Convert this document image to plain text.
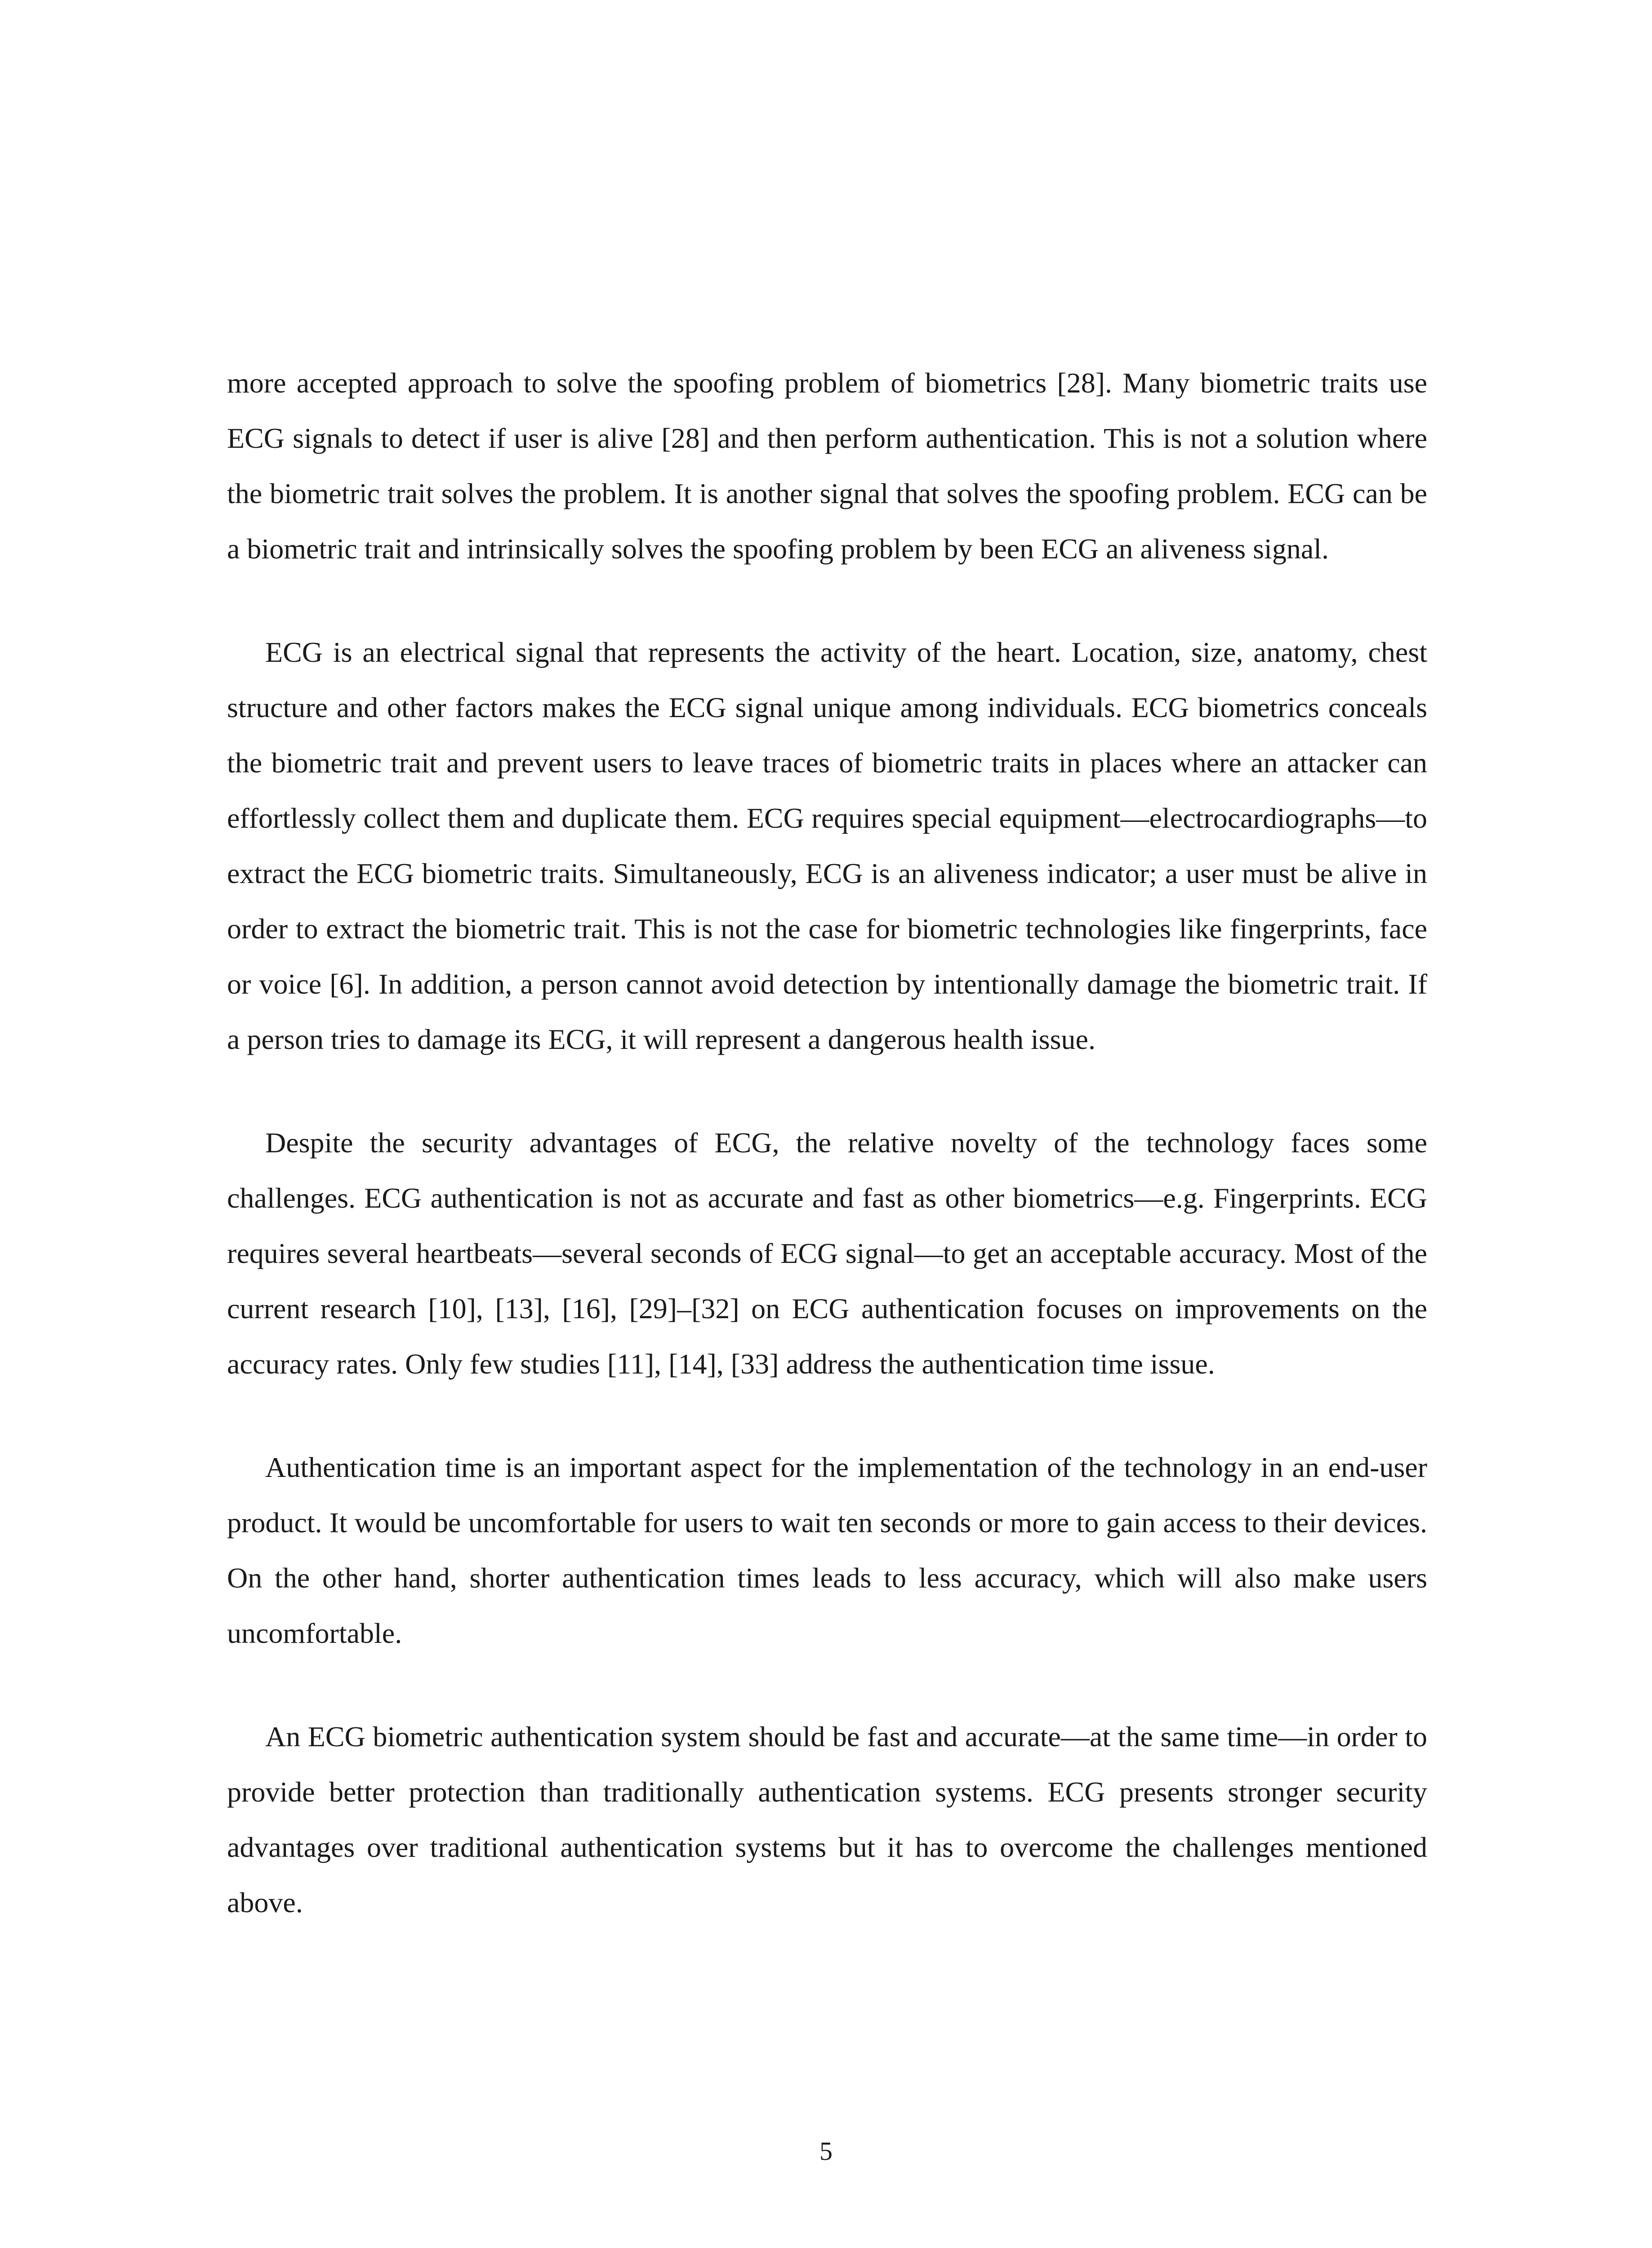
more accepted approach to solve the spoofing problem of biometrics [28]. Many biometric traits use ECG signals to detect if user is alive [28] and then perform authentication. This is not a solution where the biometric trait solves the problem. It is another signal that solves the spoofing problem. ECG can be a biometric trait and intrinsically solves the spoofing problem by been ECG an aliveness signal.

ECG is an electrical signal that represents the activity of the heart. Location, size, anatomy, chest structure and other factors makes the ECG signal unique among individuals. ECG biometrics conceals the biometric trait and prevent users to leave traces of biometric traits in places where an attacker can effortlessly collect them and duplicate them. ECG requires special equipment—electrocardiographs—to extract the ECG biometric traits. Simultaneously, ECG is an aliveness indicator; a user must be alive in order to extract the biometric trait. This is not the case for biometric technologies like fingerprints, face or voice [6]. In addition, a person cannot avoid detection by intentionally damage the biometric trait. If a person tries to damage its ECG, it will represent a dangerous health issue.

Despite the security advantages of ECG, the relative novelty of the technology faces some challenges. ECG authentication is not as accurate and fast as other biometrics—e.g. Fingerprints. ECG requires several heartbeats—several seconds of ECG signal—to get an acceptable accuracy. Most of the current research [10], [13], [16], [29]–[32] on ECG authentication focuses on improvements on the accuracy rates. Only few studies [11], [14], [33] address the authentication time issue.

Authentication time is an important aspect for the implementation of the technology in an end-user product. It would be uncomfortable for users to wait ten seconds or more to gain access to their devices. On the other hand, shorter authentication times leads to less accuracy, which will also make users uncomfortable.

An ECG biometric authentication system should be fast and accurate—at the same time—in order to provide better protection than traditionally authentication systems. ECG presents stronger security advantages over traditional authentication systems but it has to overcome the challenges mentioned above.

5
